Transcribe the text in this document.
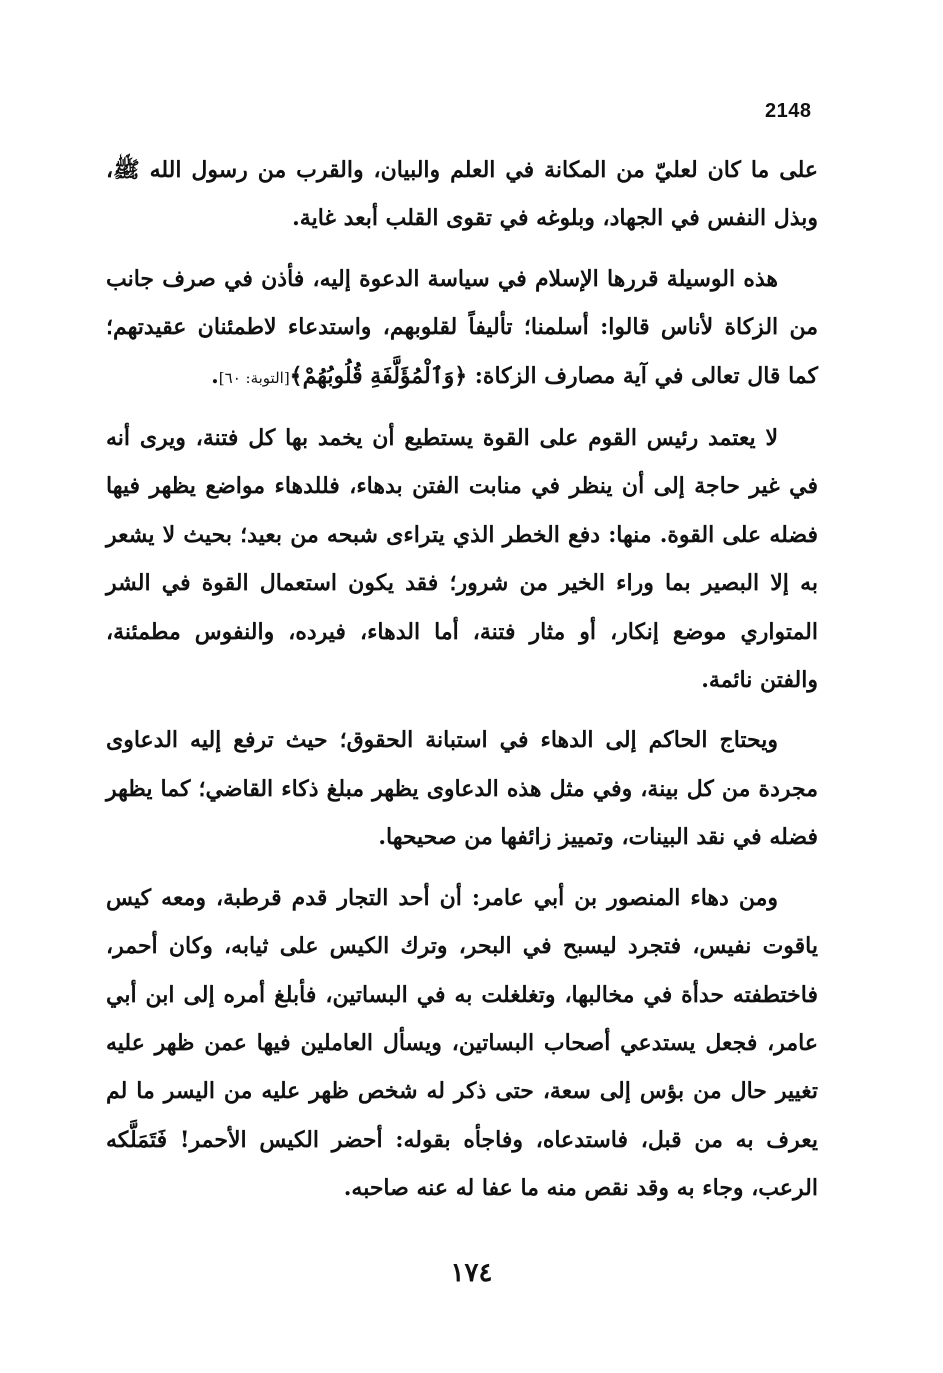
2148

على ما كان لعليّ من المكانة في العلم والبيان، والقرب من رسول الله ﷺ، وبذل النفس في الجهاد، وبلوغه في تقوى القلب أبعد غاية.

هذه الوسيلة قررها الإسلام في سياسة الدعوة إليه، فأذن في صرف جانب من الزكاة لأناس قالوا: أسلمنا؛ تأليفاً لقلوبهم، واستدعاء لاطمئنان عقيدتهم؛ كما قال تعالى في آية مصارف الزكاة: ﴿وَٱلْمُؤَلَّفَةِ قُلُوبُهُمْ﴾[التوبة: ٦٠].

لا يعتمد رئيس القوم على القوة يستطيع أن يخمد بها كل فتنة، ويرى أنه في غير حاجة إلى أن ينظر في منابت الفتن بدهاء، فللدهاء مواضع يظهر فيها فضله على القوة. منها: دفع الخطر الذي يتراءى شبحه من بعيد؛ بحيث لا يشعر به إلا البصير بما وراء الخير من شرور؛ فقد يكون استعمال القوة في الشر المتواري موضع إنكار، أو مثار فتنة، أما الدهاء، فيرده، والنفوس مطمئنة، والفتن نائمة.

ويحتاج الحاكم إلى الدهاء في استبانة الحقوق؛ حيث ترفع إليه الدعاوى مجردة من كل بينة، وفي مثل هذه الدعاوى يظهر مبلغ ذكاء القاضي؛ كما يظهر فضله في نقد البينات، وتمييز زائفها من صحيحها.

ومن دهاء المنصور بن أبي عامر: أن أحد التجار قدم قرطبة، ومعه كيس ياقوت نفيس، فتجرد ليسبح في البحر، وترك الكيس على ثيابه، وكان أحمر، فاختطفته حدأة في مخالبها، وتغلغلت به في البساتين، فأبلغ أمره إلى ابن أبي عامر، فجعل يستدعي أصحاب البساتين، ويسأل العاملين فيها عمن ظهر عليه تغيير حال من بؤس إلى سعة، حتى ذكر له شخص ظهر عليه من اليسر ما لم يعرف به من قبل، فاستدعاه، وفاجأه بقوله: أحضر الكيس الأحمر! فَتَمَلَّكه الرعب، وجاء به وقد نقص منه ما عفا له عنه صاحبه.

١٧٤
